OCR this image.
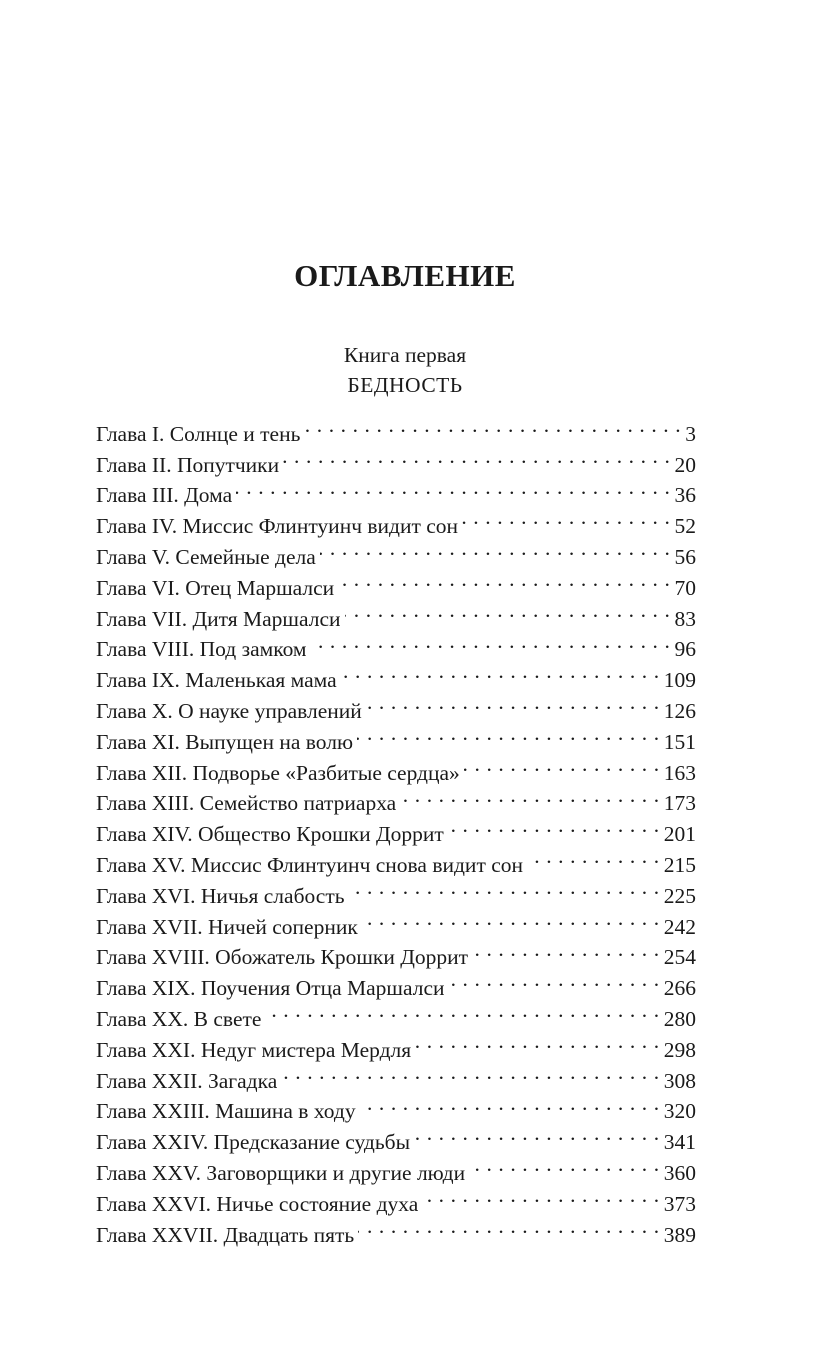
ОГЛАВЛЕНИЕ
Книга первая
БЕДНОСТЬ
Глава I. Солнце и тень . . .	3
Глава II. Попутчики . . .	20
Глава III. Дома . . .	36
Глава IV. Миссис Флинтуинч видит сон . . .	52
Глава V. Семейные дела . . .	56
Глава VI. Отец Маршалси . . .	70
Глава VII. Дитя Маршалси . . .	83
Глава VIII. Под замком . . .	96
Глава IX. Маленькая мама . . .	109
Глава X. О науке управлений . . .	126
Глава XI. Выпущен на волю . . .	151
Глава XII. Подворье «Разбитые сердца» . . .	163
Глава XIII. Семейство патриарха . . .	173
Глава XIV. Общество Крошки Доррит . . .	201
Глава XV. Миссис Флинтуинч снова видит сон . . .	215
Глава XVI. Ничья слабость . . .	225
Глава XVII. Ничей соперник . . .	242
Глава XVIII. Обожатель Крошки Доррит . . .	254
Глава XIX. Поучения Отца Маршалси . . .	266
Глава XX. В свете . . .	280
Глава XXI. Недуг мистера Мердля . . .	298
Глава XXII. Загадка . . .	308
Глава XXIII. Машина в ходу . . .	320
Глава XXIV. Предсказание судьбы . . .	341
Глава XXV. Заговорщики и другие люди . . .	360
Глава XXVI. Ничье состояние духа . . .	373
Глава XXVII. Двадцать пять . . .	389
